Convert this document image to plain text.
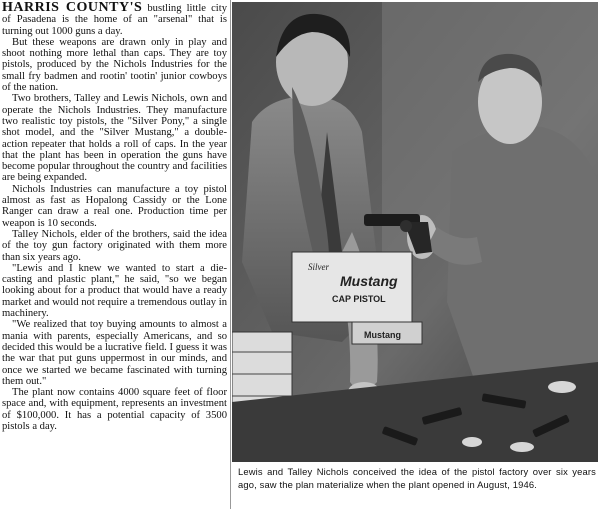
HARRIS COUNTY'S bustling little city of Pasadena is the home of an "arsenal" that is turning out 1000 guns a day.

But these weapons are drawn only in play and shoot nothing more lethal than caps. They are toy pistols, produced by the Nichols Industries for the small fry badmen and rootin' tootin' junior cowboys of the nation.

Two brothers, Talley and Lewis Nichols, own and operate the Nichols Industries. They manufacture two realistic toy pistols, the "Silver Pony," a single shot model, and the "Silver Mustang," a double-action repeater that holds a roll of caps. In the year that the plant has been in operation the guns have become popular throughout the country and facilities are being expanded.

Nichols Industries can manufacture a toy pistol almost as fast as Hopalong Cassidy or the Lone Ranger can draw a real one. Production time per weapon is 10 seconds.

Talley Nichols, elder of the brothers, said the idea of the toy gun factory originated with them more than six years ago.

"Lewis and I knew we wanted to start a die-casting and plastic plant," he said, "so we began looking about for a product that would have a ready market and would not require a tremendous outlay in machinery.

"We realized that toy buying amounts to almost a mania with parents, especially Americans, and so decided this would be a lucrative field. I guess it was the war that put guns uppermost in our minds, and once we started we became fascinated with turning them out."

The plant now contains 4000 square feet of floor space and, with equipment, represents an investment of $100,000. It has a potential capacity of 3500 pistols a day.

Silver
Mustang
CAP PISTOL
Mustang
Lewis and Talley Nichols conceived the idea of the pistol factory over six years ago, saw the plan materialize when the plant opened in August, 1946.
